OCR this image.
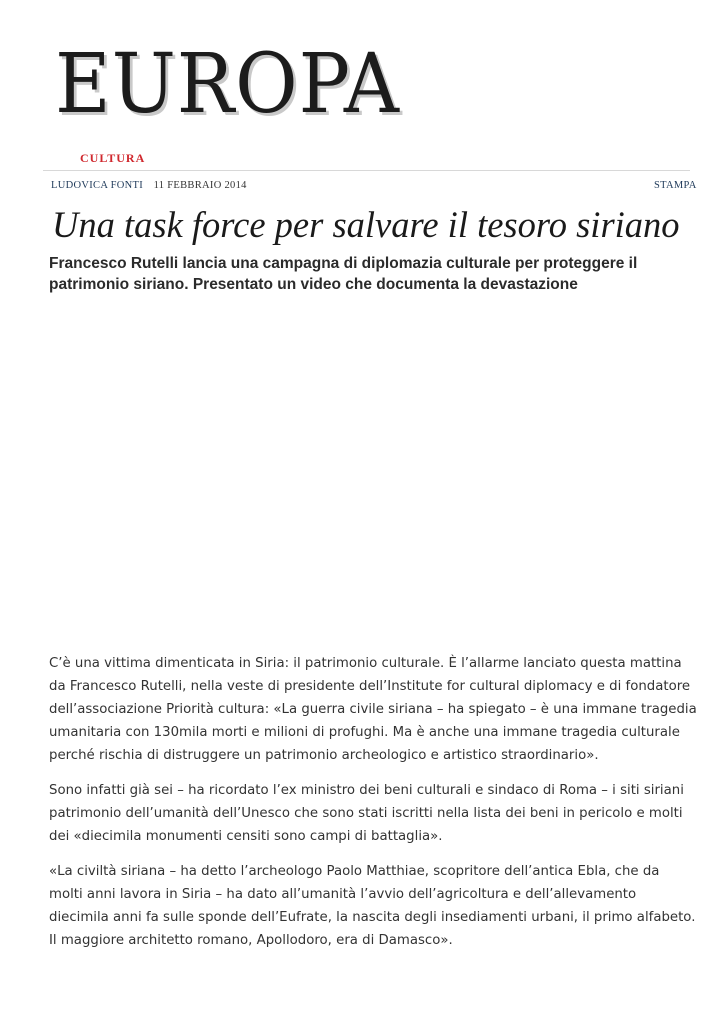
EUROPA
CULTURA
LUDOVICA FONTI 11 FEBBRAIO 2014	STAMPA
Una task force per salvare il tesoro siriano
Francesco Rutelli lancia una campagna di diplomazia culturale per proteggere il patrimonio siriano. Presentato un video che documenta la devastazione

C’è una vittima dimenticata in Siria: il patrimonio culturale. È l’allarme lanciato questa mattina da Francesco Rutelli, nella veste di presidente dell’Institute for cultural diplomacy e di fondatore dell’associazione Priorità cultura: «La guerra civile siriana – ha spiegato – è una immane tragedia umanitaria con 130mila morti e milioni di profughi. Ma è anche una immane tragedia culturale perché rischia di distruggere un patrimonio archeologico e artistico straordinario».

Sono infatti già sei – ha ricordato l’ex ministro dei beni culturali e sindaco di Roma – i siti siriani patrimonio dell’umanità dell’Unesco che sono stati iscritti nella lista dei beni in pericolo e molti dei «diecimila monumenti censiti sono campi di battaglia».

«La civiltà siriana – ha detto l’archeologo Paolo Matthiae, scopritore dell’antica Ebla, che da molti anni lavora in Siria – ha dato all’umanità l’avvio dell’agricoltura e dell’allevamento diecimila anni fa sulle sponde dell’Eufrate, la nascita degli insediamenti urbani, il primo alfabeto. Il maggiore architetto romano, Apollodoro, era di Damasco».
